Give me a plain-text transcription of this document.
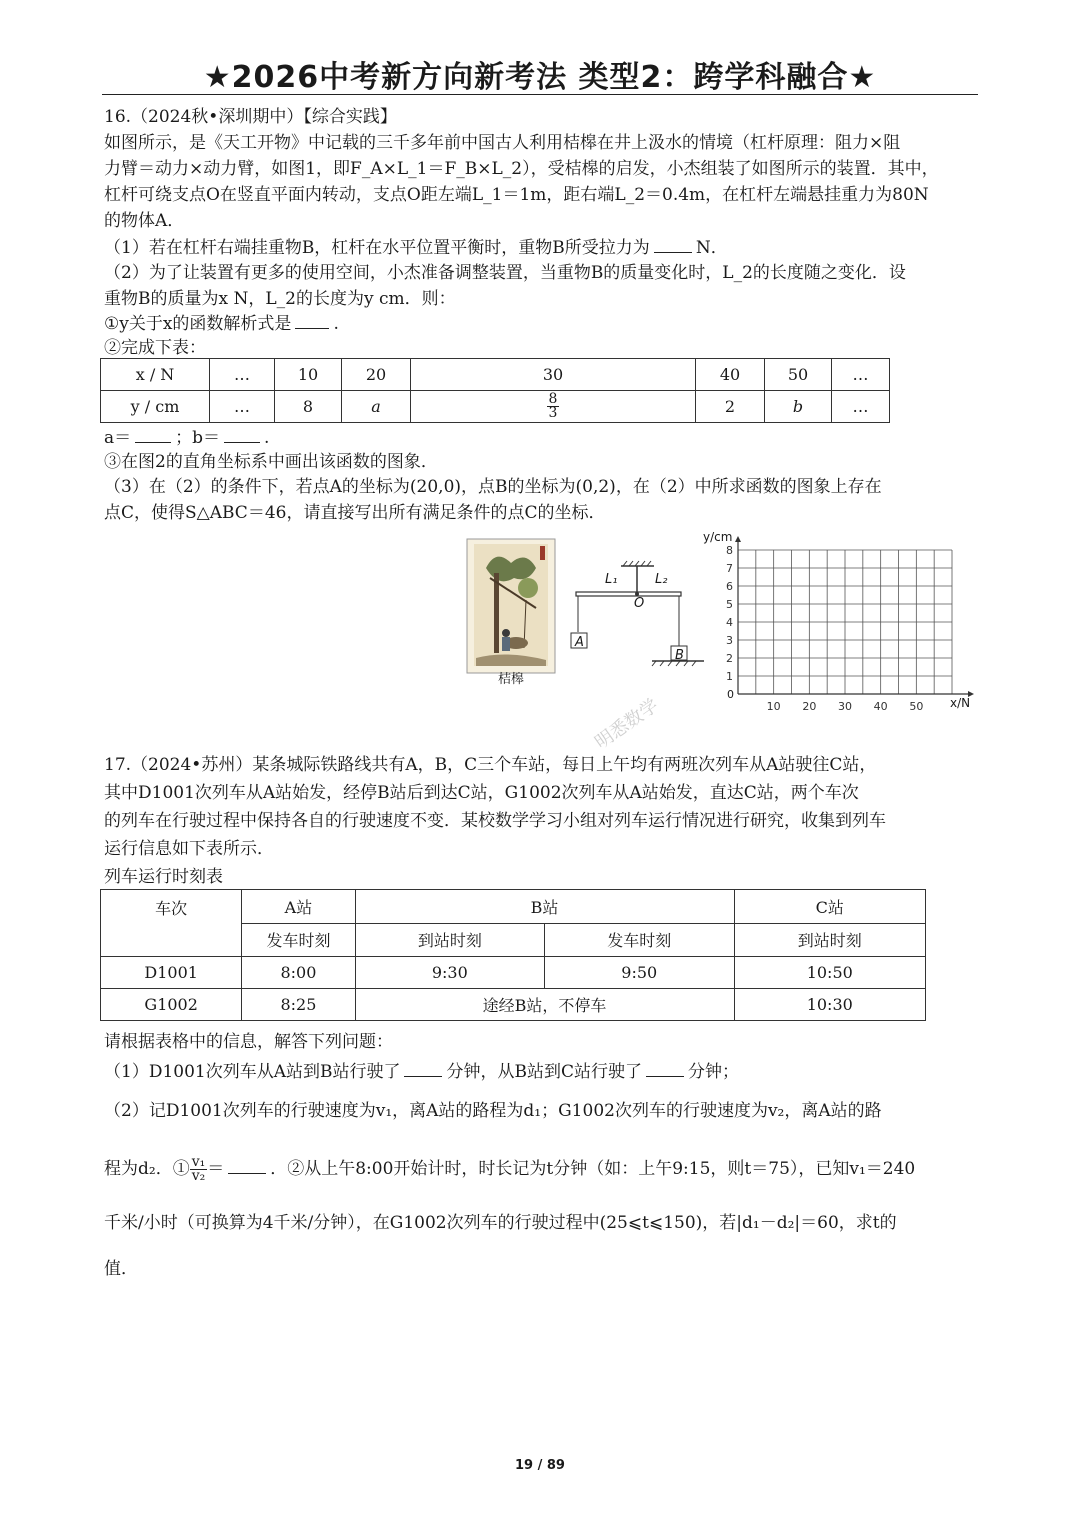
★2026中考新方向新考法 类型2：跨学科融合★
16.（2024秋•深圳期中）【综合实践】
如图所示，是《天工开物》中记载的三千多年前中国古人利用桔槔在井上汲水的情境（杠杆原理：阻力×阻
力臂＝动力×动力臂，如图1，即F_A×L_1＝F_B×L_2），受桔槔的启发，小杰组装了如图所示的装置．其中，
杠杆可绕支点O在竖直平面内转动，支点O距左端L_1＝1m，距右端L_2＝0.4m，在杠杆左端悬挂重力为80N
的物体A．
（1）若在杠杆右端挂重物B，杠杆在水平位置平衡时，重物B所受拉力为	N．
（2）为了让装置有更多的使用空间，小杰准备调整装置，当重物B的质量变化时，L_2的长度随之变化．设
重物B的质量为x N，L_2的长度为y cm．则：
①y关于x的函数解析式是 .
②完成下表：
x / N	…	10	20	30	40	50	…
y / cm	…	8	a	$\frac{8}{3}$	2	b	…
a＝	；b＝	.
③在图2的直角坐标系中画出该函数的图象．
（3）在（2）的条件下，若点A的坐标为(20,0)，点B的坐标为(0,2)，在（2）中所求函数的图象上存在
点C，使得S△ABC＝46，请直接写出所有满足条件的点C的坐标．
桔槔
L₁	L₂
O
A
B
1
2
3
4
5
6
7
8
10 20 30 40 50
y/cm
x/N
0
17.（2024•苏州）某条城际铁路线共有A，B，C三个车站，每日上午均有两班次列车从A站驶往C站，
其中D1001次列车从A站始发，经停B站后到达C站，G1002次列车从A站始发，直达C站，两个车次
的列车在行驶过程中保持各自的行驶速度不变．某校数学学习小组对列车运行情况进行研究，收集到列车
运行信息如下表所示．
列车运行时刻表
车次	A站	B站		C站
	发车时刻	到站时刻	发车时刻	到站时刻
D1001	8:00	9:30	9:50	10:50
G1002	8:25	途经B站，不停车		10:30
请根据表格中的信息，解答下列问题：
（1）D1001次列车从A站到B站行驶了	分钟，从B站到C站行驶了	分钟；
（2）记D1001次列车的行驶速度为v₁，离A站的路程为d₁；G1002次列车的行驶速度为v₂，离A站的路
程为d₂．① $\frac{\text{v₁}}{\text{v₂}}$ ＝	．②从上午8:00开始计时，时长记为t分钟（如：上午9:15，则t＝75），已知v₁＝240
千米/小时（可换算为4千米/分钟），在G1002次列车的行驶过程中(25⩽t⩽150)，若|d₁－d₂|＝60，求t的
值．
明悉数学
19 / 89
